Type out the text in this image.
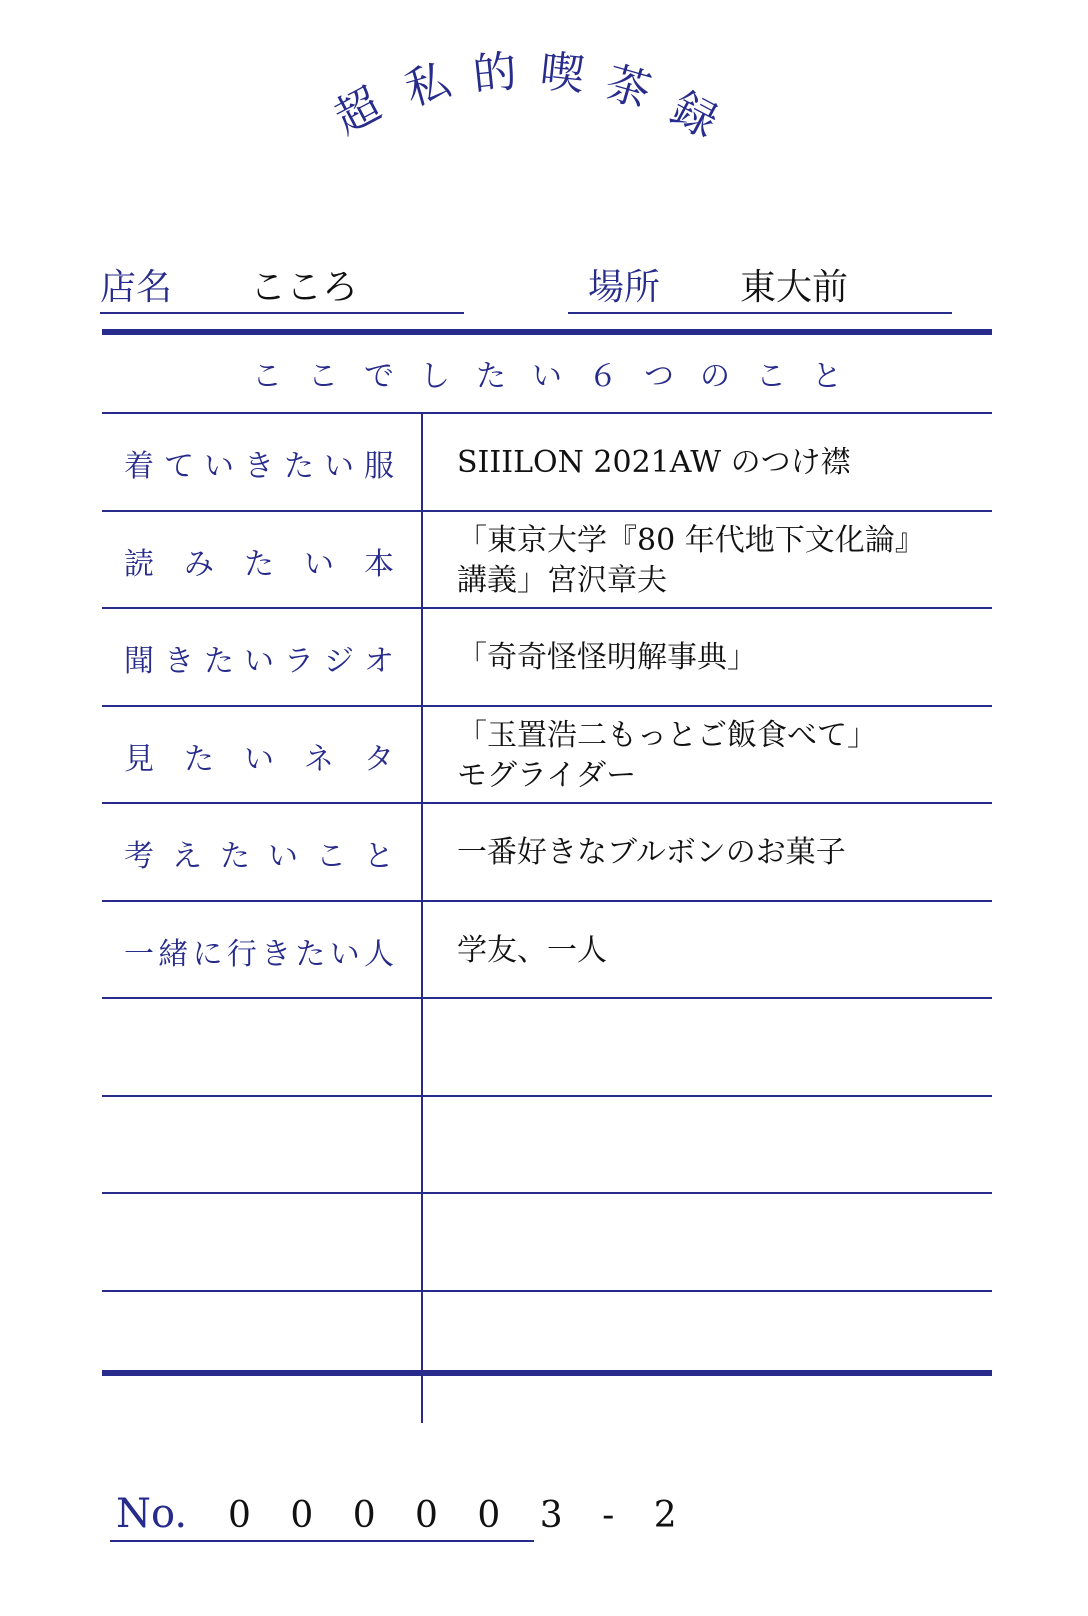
超 私 的 喫 茶 録
店名 こころ	場所 東大前
ここでしたい６つのこと
着 て い き た い 服 SIIILON 2021AW のつけ襟
読 み た い 本
「東京大学『80 年代地下文化論』
講義」宮沢章夫
聞 き た い ラ ジ オ 「奇奇怪怪明解事典」
見 た い ネ タ
「玉置浩二もっとご飯食べて」
モグライダー
考 え た い こ と 一番好きなブルボンのお菓子
一 緒 に 行 き た い 人 学友、一人
No. 0 0 0 0 0 3 - 2
